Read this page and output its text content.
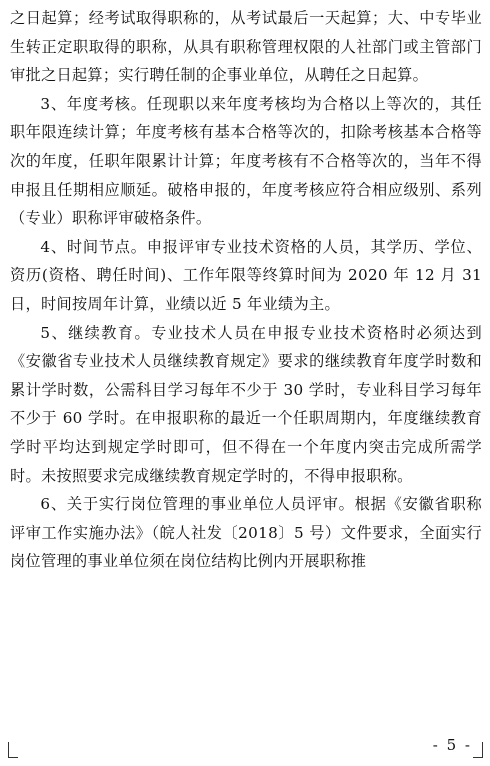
之日起算；经考试取得职称的，从考试最后一天起算；大、中专毕业生转正定职取得的职称，从具有职称管理权限的人社部门或主管部门审批之日起算；实行聘任制的企事业单位，从聘任之日起算。

3、年度考核。任现职以来年度考核均为合格以上等次的，其任职年限连续计算；年度考核有基本合格等次的，扣除考核基本合格等次的年度，任职年限累计计算；年度考核有不合格等次的，当年不得申报且任期相应顺延。破格申报的，年度考核应符合相应级别、系列（专业）职称评审破格条件。

4、时间节点。申报评审专业技术资格的人员，其学历、学位、资历(资格、聘任时间)、工作年限等终算时间为 2020 年 12 月 31 日，时间按周年计算，业绩以近 5 年业绩为主。

5、继续教育。专业技术人员在申报专业技术资格时必须达到《安徽省专业技术人员继续教育规定》要求的继续教育年度学时数和累计学时数，公需科目学习每年不少于 30 学时，专业科目学习每年不少于 60 学时。在申报职称的最近一个任职周期内，年度继续教育学时平均达到规定学时即可，但不得在一个年度内突击完成所需学时。未按照要求完成继续教育规定学时的，不得申报职称。

6、关于实行岗位管理的事业单位人员评审。根据《安徽省职称评审工作实施办法》（皖人社发〔2018〕5 号）文件要求，全面实行岗位管理的事业单位须在岗位结构比例内开展职称推

- 5 -
